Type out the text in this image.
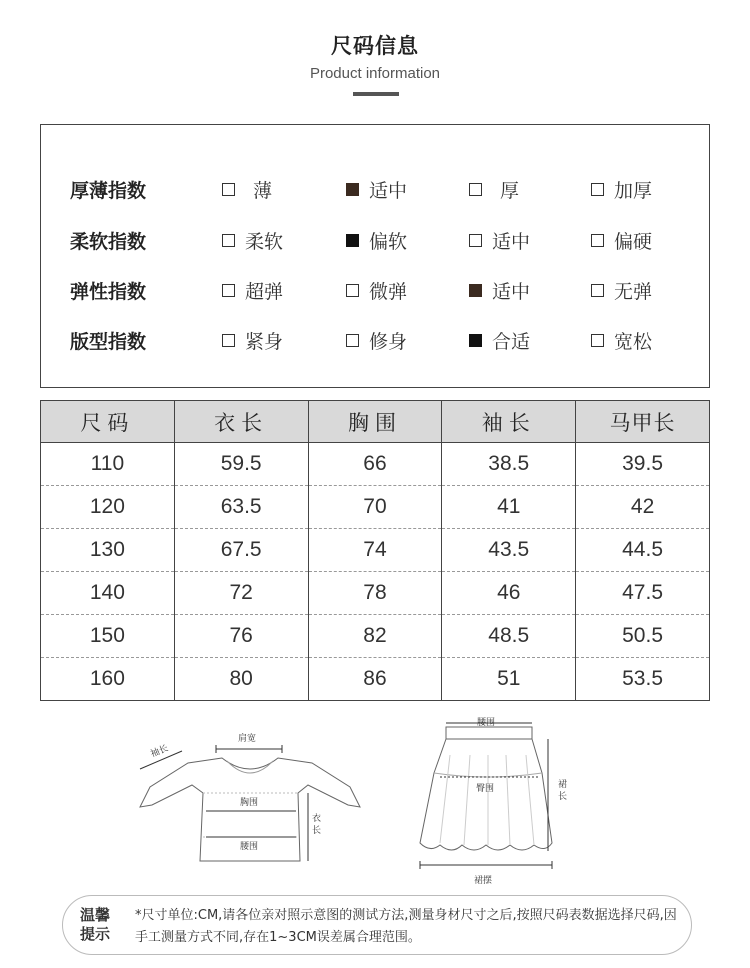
尺码信息
Product information
厚薄指数	薄	适中	厚	加厚
柔软指数	柔软	偏软	适中	偏硬
弹性指数	超弹	微弹	适中	无弹
版型指数	紧身	修身	合适	宽松
尺码	衣长	胸围	袖长	马甲长
110	59.5	66	38.5	39.5
120	63.5	70	41	42
130	67.5	74	43.5	44.5
140	72	78	46	47.5
150	76	82	48.5	50.5
160	80	86	51	53.5
肩宽
袖长
胸围
衣
长
腰围
腰围
臀围	裙
长
裙摆
温馨
提示
*尺寸单位:CM,请各位亲对照示意图的测试方法,测量身材尺寸之后,按照尺码表数据选择尺码,因手工测量方式不同,存在1~3CM误差属合理范围。
